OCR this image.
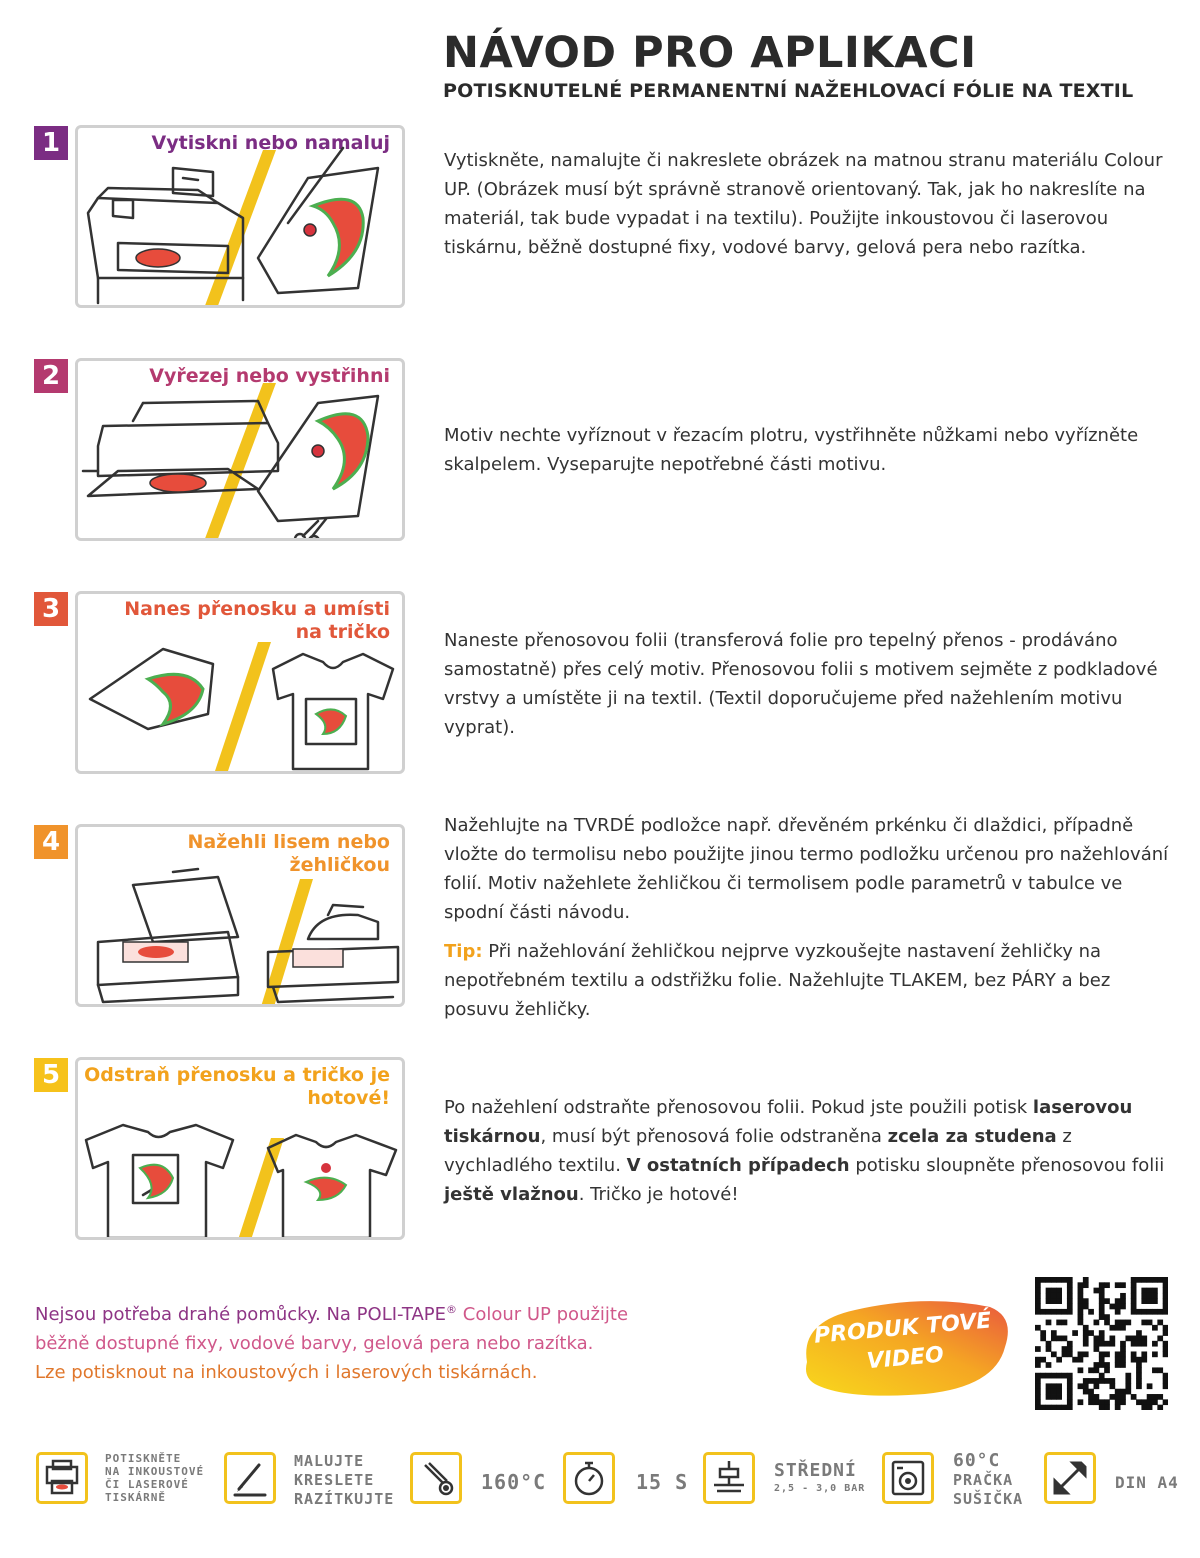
NÁVOD PRO APLIKACI
POTISKNUTELNÉ PERMANENTNÍ NAŽEHLOVACÍ FÓLIE NA TEXTIL
1	Vytiskni nebo namaluj

Vytiskněte, namalujte či nakreslete obrázek na matnou stranu materiálu Colour UP. (Obrázek musí být správně stranově orientovaný. Tak, jak ho nakreslíte na materiál, tak bude vypadat i na textilu). Použijte inkoustovou či laserovou tiskárnu, běžně dostupné fixy, vodové barvy, gelová pera nebo razítka.

2	Vyřezej nebo vystřihni

Motiv nechte vyříznout v řezacím plotru, vystřihněte nůžkami nebo vyřízněte skalpelem. Vyseparujte nepotřebné části motivu.

3	Nanes přenosku a umísti
na tričko	Naneste přenosovou folii (transferová folie pro tepelný přenos - prodáváno samostatně) přes celý motiv. Přenosovou folii s motivem sejměte z podkladové vrstvy a umístěte ji na textil. (Textil doporučujeme před nažehlením motivu vyprat).

4	Nažehli lisem nebo
žehličkou

Nažehlujte na TVRDÉ podložce např. dřevěném prkénku či dlaždici, případně vložte do termolisu nebo použijte jinou termo podložku určenou pro nažehlování folií. Motiv nažehlete žehličkou či termolisem podle parametrů v tabulce ve spodní části návodu.

Tip: Při nažehlování žehličkou nejprve vyzkoušejte nastavení žehličky na nepotřebném textilu a odstřižku folie. Nažehlujte TLAKEM, bez PÁRY a bez posuvu žehličky.

5	Odstraň přenosku a tričko je
hotové!	Po nažehlení odstraňte přenosovou folii. Pokud jste použili potisk laserovou tiskárnou, musí být přenosová folie odstraněna zcela za studena z vychladlého textilu. V ostatních případech potisku sloupněte přenosovou folii ještě vlažnou. Tričko je hotové!

Nejsou potřeba drahé pomůcky. Na POLI-TAPE® Colour UP použijte
běžně dostupné fixy, vodové barvy, gelová pera nebo razítka.
Lze potisknout na inkoustových i laserových tiskárnách.
PRODUK TOVÉ
VIDEO
POTISKNĚTE
NA INKOUSTOVÉ
ČI LASEROVÉ
TISKÁRNĚ
MALUJTE
KRESLETE
RAZÍTKUJTE
160°C	15 S	STŘEDNÍ
2,5 - 3,0 BAR
60°C
PRAČKA
SUŠIČKA
DIN A4
